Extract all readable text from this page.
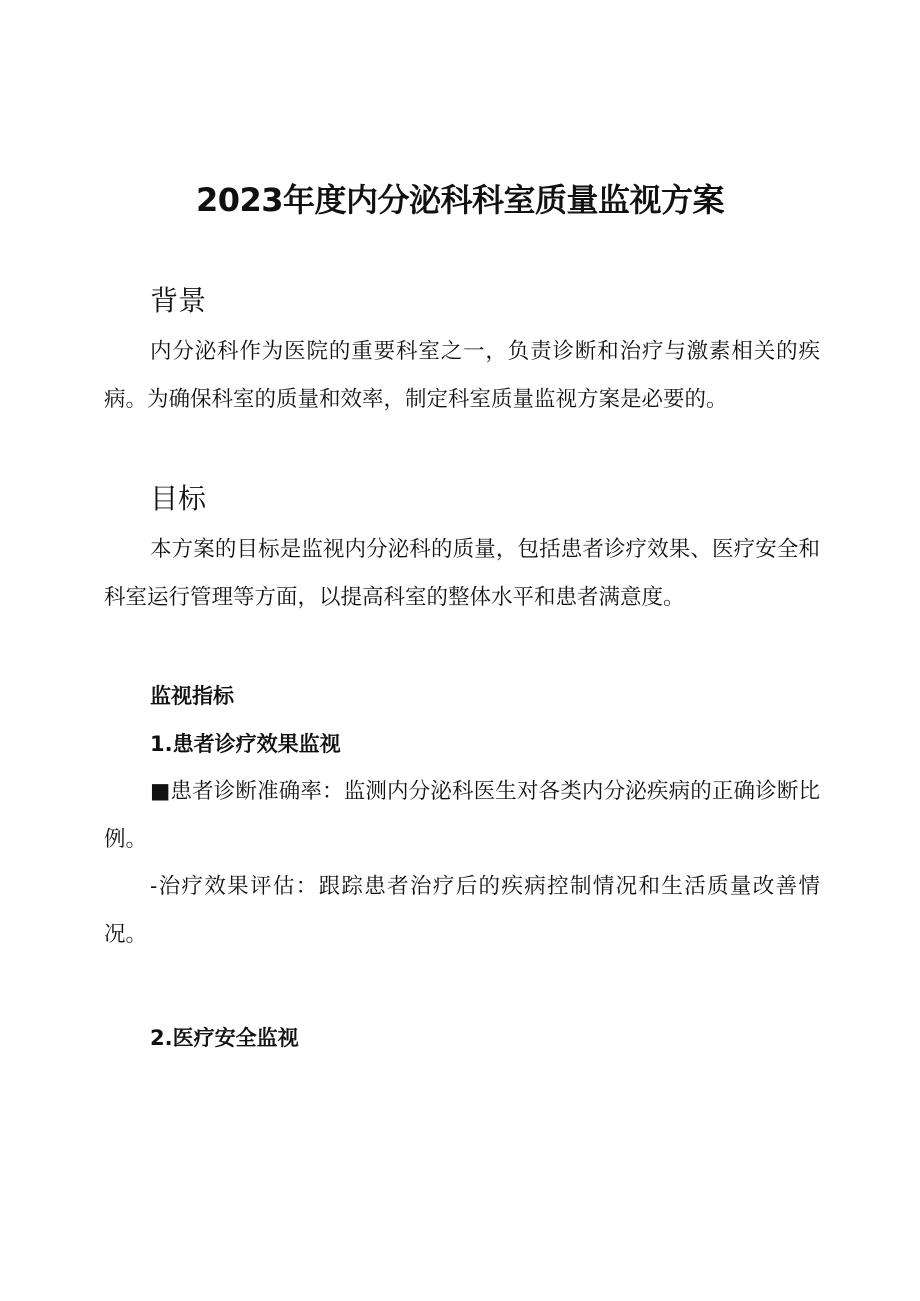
2023年度内分泌科科室质量监视方案
背景

内分泌科作为医院的重要科室之一，负责诊断和治疗与激素相关的疾病。为确保科室的质量和效率，制定科室质量监视方案是必要的。

目标

本方案的目标是监视内分泌科的质量，包括患者诊疗效果、医疗安全和科室运行管理等方面，以提高科室的整体水平和患者满意度。

监视指标
1.患者诊疗效果监视

■患者诊断准确率：监测内分泌科医生对各类内分泌疾病的正确诊断比例。

-治疗效果评估：跟踪患者治疗后的疾病控制情况和生活质量改善情况。

2.医疗安全监视
